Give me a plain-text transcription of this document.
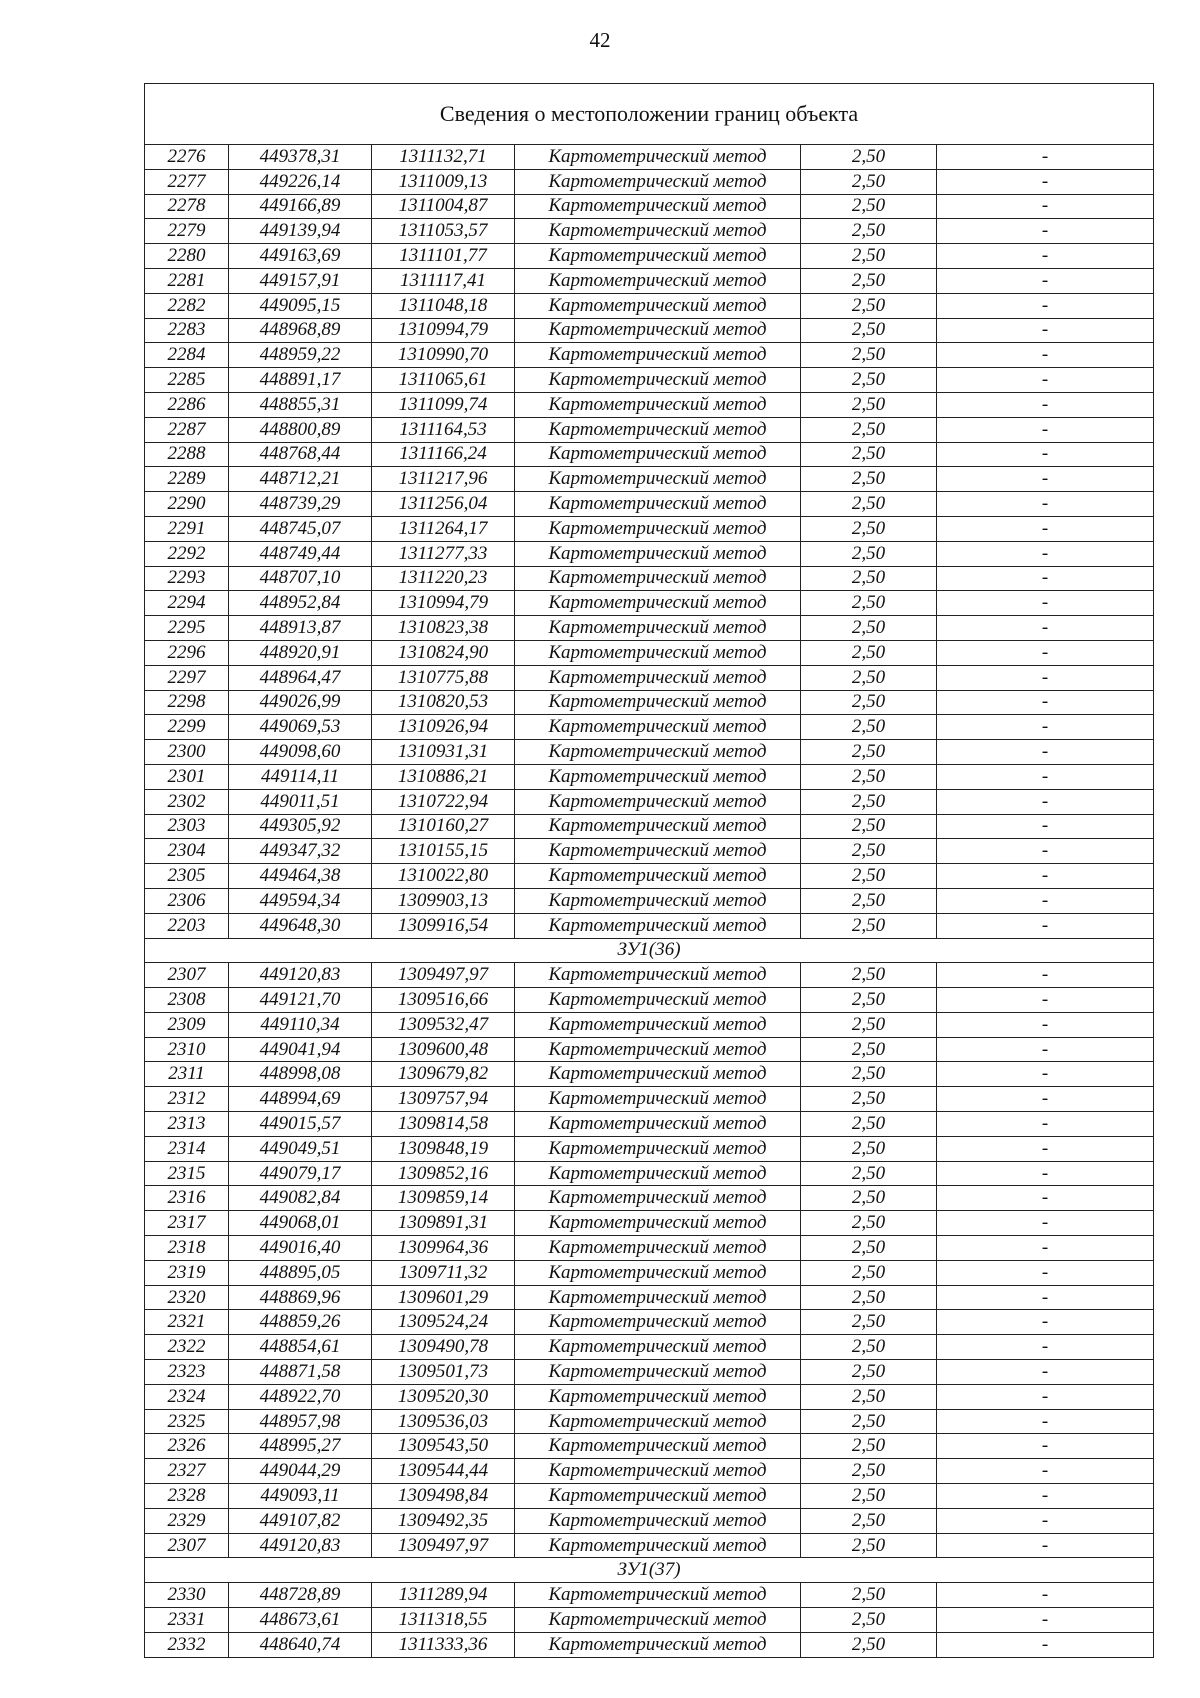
42
Сведения о местоположении границ объекта					
2276	449378,31	1311132,71	Картометрический метод	2,50	-
2277	449226,14	1311009,13	Картометрический метод	2,50	-
2278	449166,89	1311004,87	Картометрический метод	2,50	-
2279	449139,94	1311053,57	Картометрический метод	2,50	-
2280	449163,69	1311101,77	Картометрический метод	2,50	-
2281	449157,91	1311117,41	Картометрический метод	2,50	-
2282	449095,15	1311048,18	Картометрический метод	2,50	-
2283	448968,89	1310994,79	Картометрический метод	2,50	-
2284	448959,22	1310990,70	Картометрический метод	2,50	-
2285	448891,17	1311065,61	Картометрический метод	2,50	-
2286	448855,31	1311099,74	Картометрический метод	2,50	-
2287	448800,89	1311164,53	Картометрический метод	2,50	-
2288	448768,44	1311166,24	Картометрический метод	2,50	-
2289	448712,21	1311217,96	Картометрический метод	2,50	-
2290	448739,29	1311256,04	Картометрический метод	2,50	-
2291	448745,07	1311264,17	Картометрический метод	2,50	-
2292	448749,44	1311277,33	Картометрический метод	2,50	-
2293	448707,10	1311220,23	Картометрический метод	2,50	-
2294	448952,84	1310994,79	Картометрический метод	2,50	-
2295	448913,87	1310823,38	Картометрический метод	2,50	-
2296	448920,91	1310824,90	Картометрический метод	2,50	-
2297	448964,47	1310775,88	Картометрический метод	2,50	-
2298	449026,99	1310820,53	Картометрический метод	2,50	-
2299	449069,53	1310926,94	Картометрический метод	2,50	-
2300	449098,60	1310931,31	Картометрический метод	2,50	-
2301	449114,11	1310886,21	Картометрический метод	2,50	-
2302	449011,51	1310722,94	Картометрический метод	2,50	-
2303	449305,92	1310160,27	Картометрический метод	2,50	-
2304	449347,32	1310155,15	Картометрический метод	2,50	-
2305	449464,38	1310022,80	Картометрический метод	2,50	-
2306	449594,34	1309903,13	Картометрический метод	2,50	-
2203	449648,30	1309916,54	Картометрический метод	2,50	-
ЗУ1(36)					
2307	449120,83	1309497,97	Картометрический метод	2,50	-
2308	449121,70	1309516,66	Картометрический метод	2,50	-
2309	449110,34	1309532,47	Картометрический метод	2,50	-
2310	449041,94	1309600,48	Картометрический метод	2,50	-
2311	448998,08	1309679,82	Картометрический метод	2,50	-
2312	448994,69	1309757,94	Картометрический метод	2,50	-
2313	449015,57	1309814,58	Картометрический метод	2,50	-
2314	449049,51	1309848,19	Картометрический метод	2,50	-
2315	449079,17	1309852,16	Картометрический метод	2,50	-
2316	449082,84	1309859,14	Картометрический метод	2,50	-
2317	449068,01	1309891,31	Картометрический метод	2,50	-
2318	449016,40	1309964,36	Картометрический метод	2,50	-
2319	448895,05	1309711,32	Картометрический метод	2,50	-
2320	448869,96	1309601,29	Картометрический метод	2,50	-
2321	448859,26	1309524,24	Картометрический метод	2,50	-
2322	448854,61	1309490,78	Картометрический метод	2,50	-
2323	448871,58	1309501,73	Картометрический метод	2,50	-
2324	448922,70	1309520,30	Картометрический метод	2,50	-
2325	448957,98	1309536,03	Картометрический метод	2,50	-
2326	448995,27	1309543,50	Картометрический метод	2,50	-
2327	449044,29	1309544,44	Картометрический метод	2,50	-
2328	449093,11	1309498,84	Картометрический метод	2,50	-
2329	449107,82	1309492,35	Картометрический метод	2,50	-
2307	449120,83	1309497,97	Картометрический метод	2,50	-
ЗУ1(37)					
2330	448728,89	1311289,94	Картометрический метод	2,50	-
2331	448673,61	1311318,55	Картометрический метод	2,50	-
2332	448640,74	1311333,36	Картометрический метод	2,50	-
